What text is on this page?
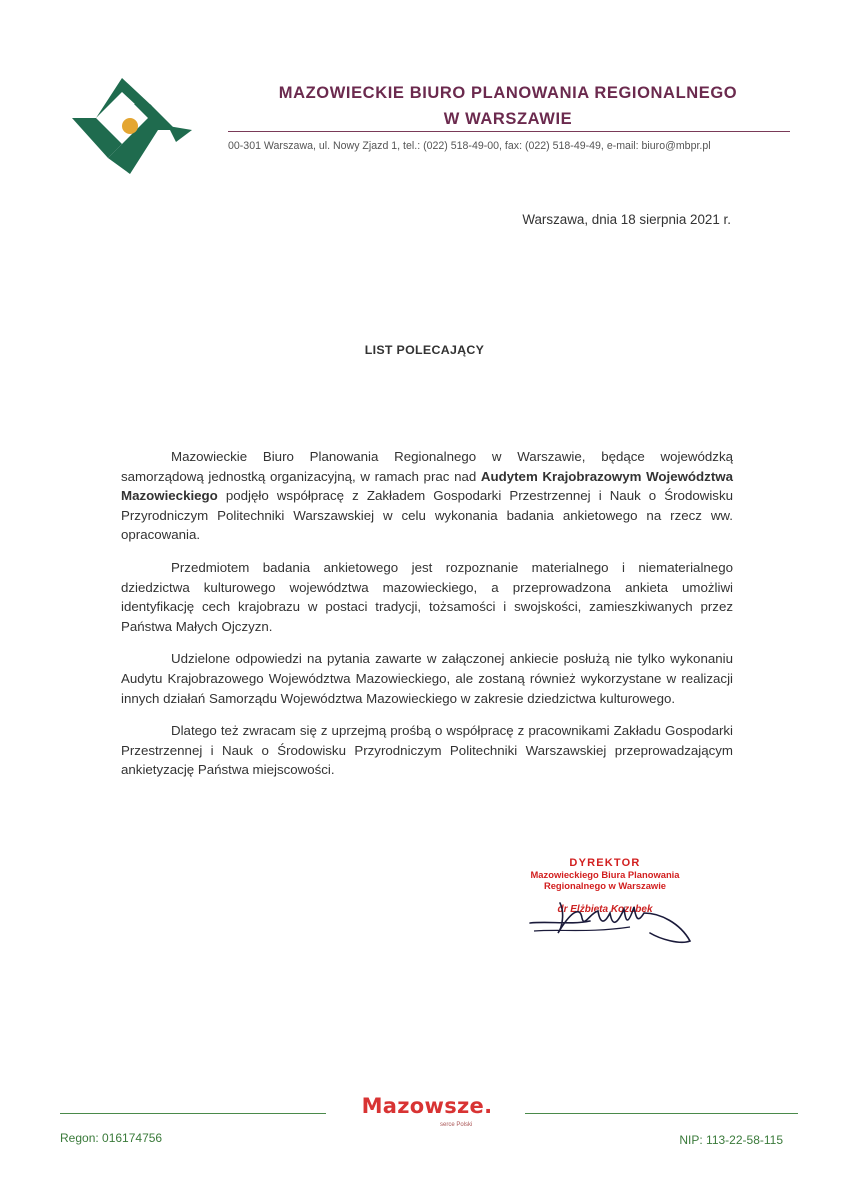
MAZOWIECKIE BIURO PLANOWANIA REGIONALNEGO
W WARSZAWIE
00-301 Warszawa, ul. Nowy Zjazd 1, tel.: (022) 518-49-00, fax: (022) 518-49-49, e-mail: biuro@mbpr.pl
Warszawa, dnia 18 sierpnia 2021 r.
LIST POLECAJĄCY

Mazowieckie Biuro Planowania Regionalnego w Warszawie, będące wojewódzką samorządową jednostką organizacyjną, w ramach prac nad Audytem Krajobrazowym Województwa Mazowieckiego podjęło współpracę z Zakładem Gospodarki Przestrzennej i Nauk o Środowisku Przyrodniczym Politechniki Warszawskiej w celu wykonania badania ankietowego na rzecz ww. opracowania.

Przedmiotem badania ankietowego jest rozpoznanie materialnego i niematerialnego dziedzictwa kulturowego województwa mazowieckiego, a przeprowadzona ankieta umożliwi identyfikację cech krajobrazu w postaci tradycji, tożsamości i swojskości, zamieszkiwanych przez Państwa Małych Ojczyzn.

Udzielone odpowiedzi na pytania zawarte w załączonej ankiecie posłużą nie tylko wykonaniu Audytu Krajobrazowego Województwa Mazowieckiego, ale zostaną również wykorzystane w realizacji innych działań Samorządu Województwa Mazowieckiego w zakresie dziedzictwa kulturowego.

Dlatego też zwracam się z uprzejmą prośbą o współpracę z pracownikami Zakładu Gospodarki Przestrzennej i Nauk o Środowisku Przyrodniczym Politechniki Warszawskiej przeprowadzającym ankietyzację Państwa miejscowości.

DYREKTOR
Mazowieckiego Biura Planowania
Regionalnego w Warszawie
dr Elżbieta Kozubek
Mazowsze.
serce Polski
Regon: 016174756	NIP: 113-22-58-115
